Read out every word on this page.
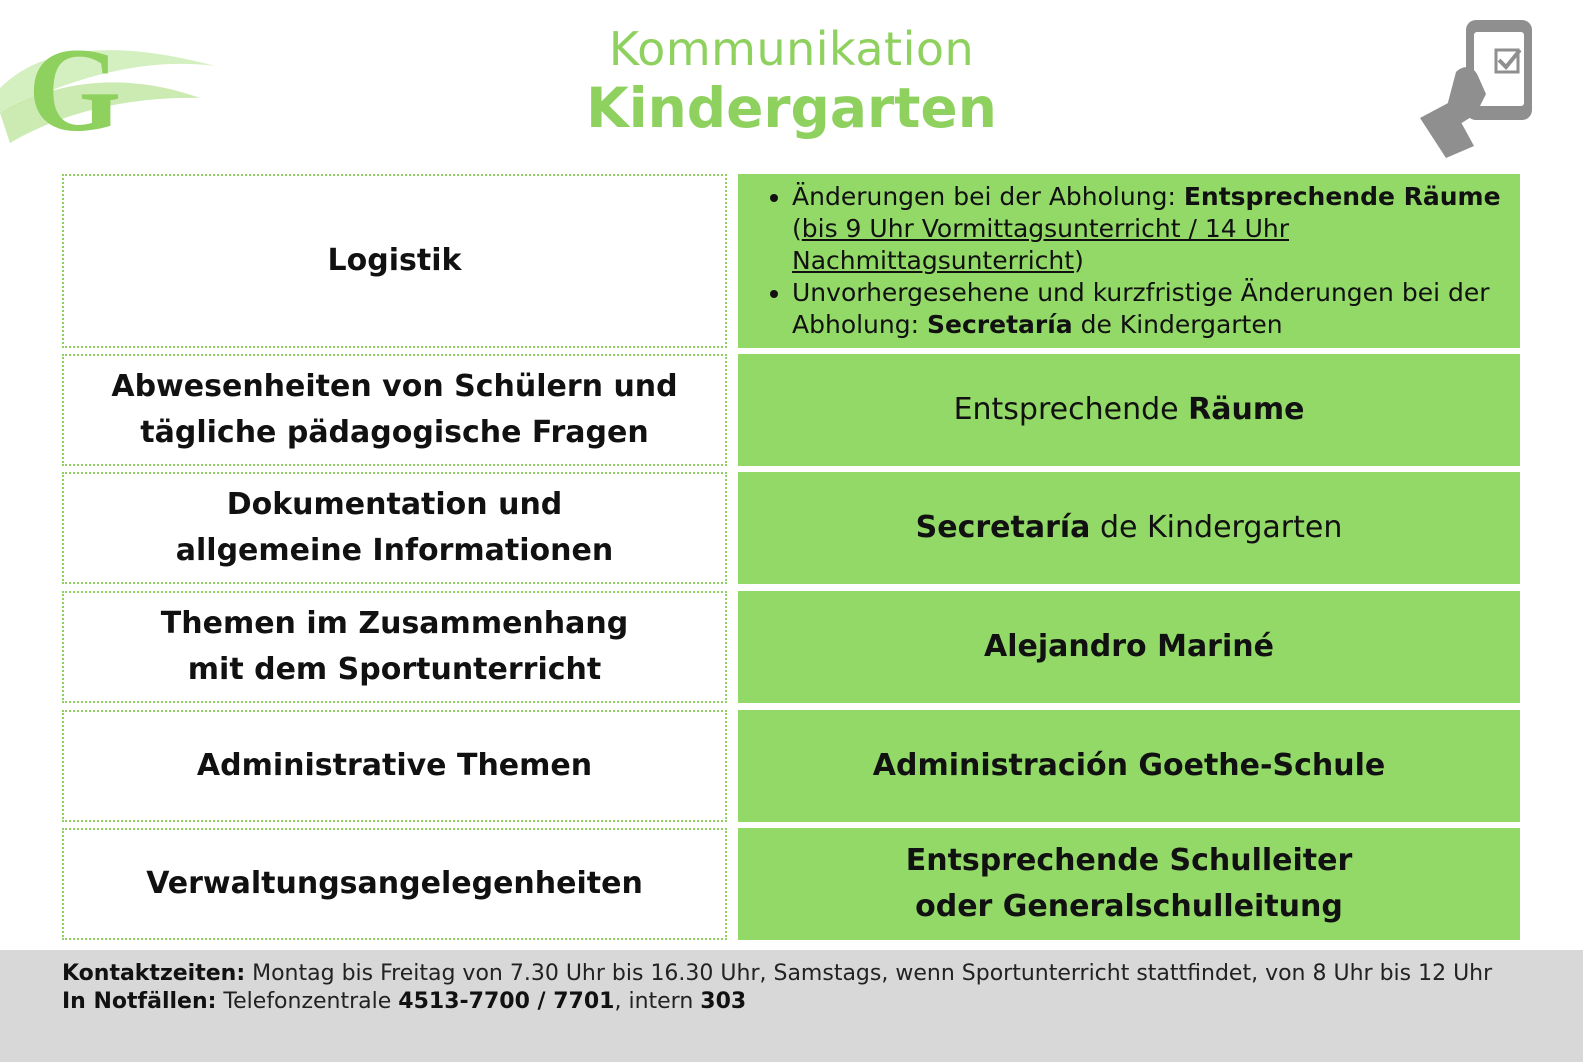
G	Kommunikation
Kindergarten
Logistik
• Änderungen bei der Abholung: Entsprechende Räume (bis 9 Uhr Vormittagsunterricht / 14 Uhr Nachmittagsunterricht)
• Unvorhergesehene und kurzfristige Änderungen bei der Abholung: Secretaría de Kindergarten
Abwesenheiten von Schülern und
tägliche pädagogische Fragen
Entsprechende Räume
Dokumentation und
allgemeine Informationen
Secretaría de Kindergarten
Themen im Zusammenhang
mit dem Sportunterricht
Alejandro Mariné
Administrative Themen	Administración Goethe-Schule
Verwaltungsangelegenheiten
Entsprechende Schulleiter
oder Generalschulleitung
Kontaktzeiten: Montag bis Freitag von 7.30 Uhr bis 16.30 Uhr, Samstags, wenn Sportunterricht stattfindet, von 8 Uhr bis 12 Uhr
In Notfällen: Telefonzentrale 4513-7700 / 7701, intern 303
